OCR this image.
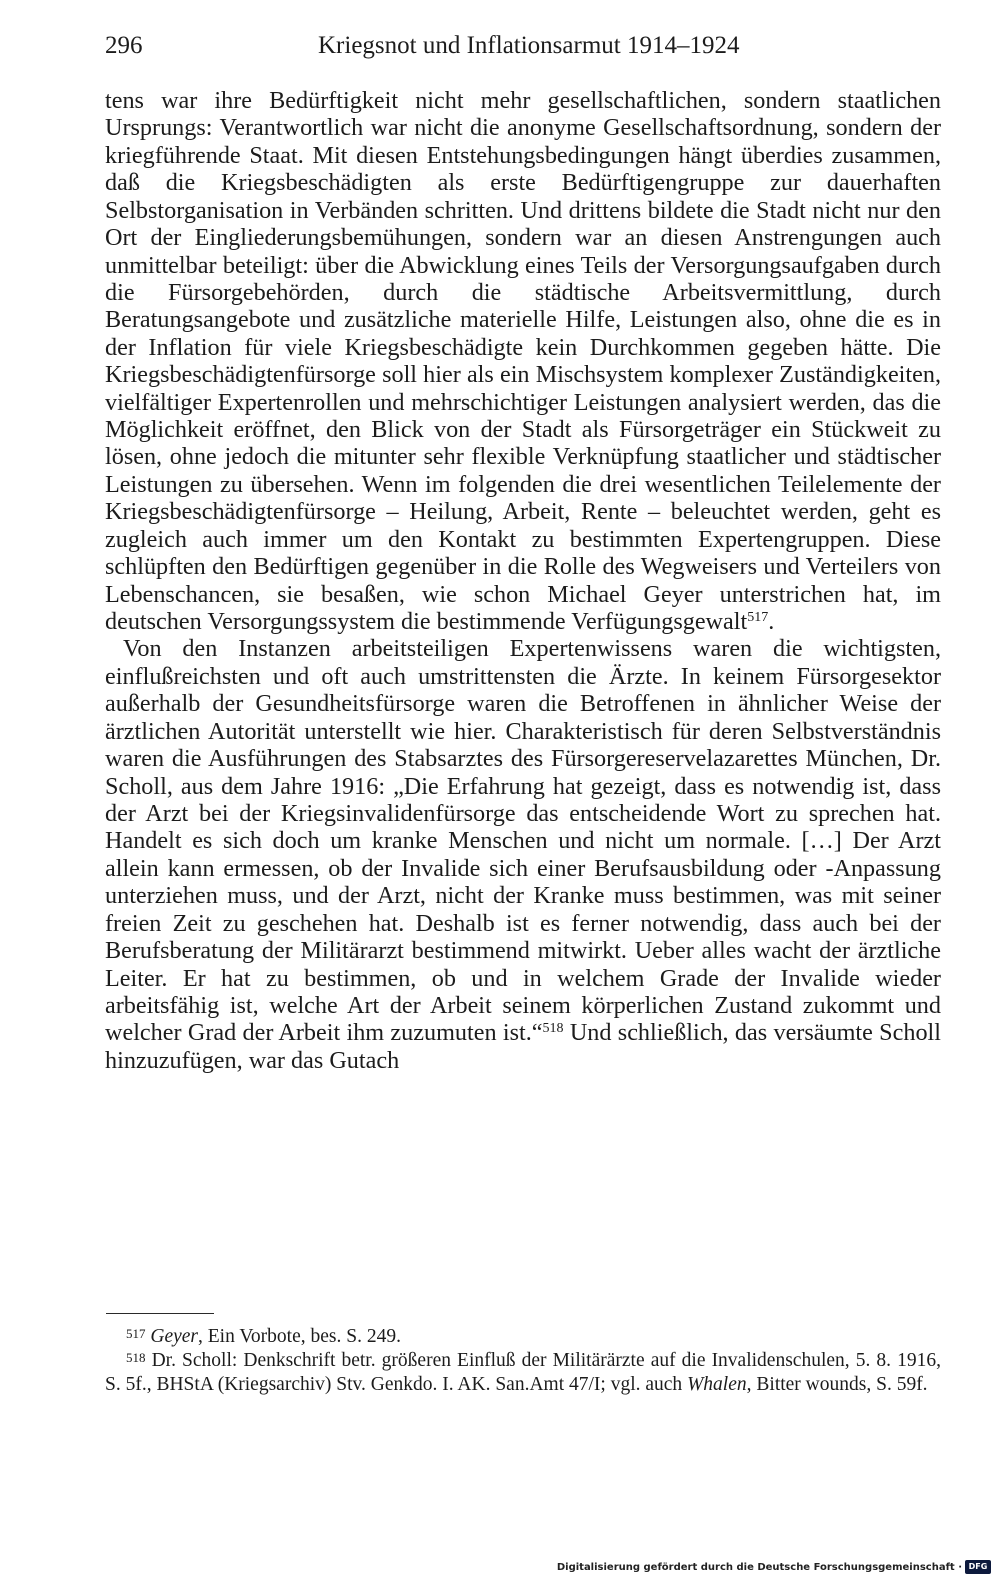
296	Kriegsnot und Inflationsarmut 1914–1924

tens war ihre Bedürftigkeit nicht mehr gesellschaftlichen, sondern staatlichen Ursprungs: Verantwortlich war nicht die anonyme Gesellschaftsordnung, sondern der kriegführende Staat. Mit diesen Entstehungsbedingungen hängt überdies zusammen, daß die Kriegsbeschädigten als erste Bedürftigengruppe zur dauerhaften Selbstorganisation in Verbänden schritten. Und drittens bildete die Stadt nicht nur den Ort der Eingliederungsbemühungen, sondern war an diesen Anstrengungen auch unmittelbar beteiligt: über die Abwicklung eines Teils der Versorgungsaufgaben durch die Fürsorgebehörden, durch die städtische Arbeitsvermittlung, durch Beratungsangebote und zusätzliche materielle Hilfe, Leistungen also, ohne die es in der Inflation für viele Kriegsbeschädigte kein Durchkommen gegeben hätte. Die Kriegsbeschädigtenfürsorge soll hier als ein Mischsystem komplexer Zuständigkeiten, vielfältiger Expertenrollen und mehrschichtiger Leistungen analysiert werden, das die Möglichkeit eröffnet, den Blick von der Stadt als Fürsorgeträger ein Stückweit zu lösen, ohne jedoch die mitunter sehr flexible Verknüpfung staatlicher und städtischer Leistungen zu übersehen. Wenn im folgenden die drei wesentlichen Teilelemente der Kriegsbeschädigtenfürsorge – Heilung, Arbeit, Rente – beleuchtet werden, geht es zugleich auch immer um den Kontakt zu bestimmten Expertengruppen. Diese schlüpften den Bedürftigen gegenüber in die Rolle des Wegweisers und Verteilers von Lebenschancen, sie besaßen, wie schon Michael Geyer unterstrichen hat, im deutschen Versorgungssystem die bestimmende Verfügungsgewalt$^{517}$.

Von den Instanzen arbeitsteiligen Expertenwissens waren die wichtigsten, einflußreichsten und oft auch umstrittensten die Ärzte. In keinem Fürsorgesektor außerhalb der Gesundheitsfürsorge waren die Betroffenen in ähnlicher Weise der ärztlichen Autorität unterstellt wie hier. Charakteristisch für deren Selbstverständnis waren die Ausführungen des Stabsarztes des Fürsorgereservelazarettes München, Dr. Scholl, aus dem Jahre 1916: „Die Erfahrung hat gezeigt, dass es notwendig ist, dass der Arzt bei der Kriegsinvalidenfürsorge das entscheidende Wort zu sprechen hat. Handelt es sich doch um kranke Menschen und nicht um normale. […] Der Arzt allein kann ermessen, ob der Invalide sich einer Berufsausbildung oder -Anpassung unterziehen muss, und der Arzt, nicht der Kranke muss bestimmen, was mit seiner freien Zeit zu geschehen hat. Deshalb ist es ferner notwendig, dass auch bei der Berufsberatung der Militärarzt bestimmend mitwirkt. Ueber alles wacht der ärztliche Leiter. Er hat zu bestimmen, ob und in welchem Grade der Invalide wieder arbeitsfähig ist, welche Art der Arbeit seinem körperlichen Zustand zukommt und welcher Grad der Arbeit ihm zuzumuten ist.“$^{518}$ Und schließlich, das versäumte Scholl hinzuzufügen, war das Gutach

$^{517}$ Geyer, Ein Vorbote, bes. S. 249.

$^{518}$ Dr. Scholl: Denkschrift betr. größeren Einfluß der Militärärzte auf die Invalidenschulen, 5. 8. 1916, S. 5f., BHStA (Kriegsarchiv) Stv. Genkdo. I. AK. San.Amt 47/I; vgl. auch Whalen, Bitter wounds, S. 59f.

Digitalisierung gefördert durch die Deutsche Forschungsgemeinschaft · DFG
